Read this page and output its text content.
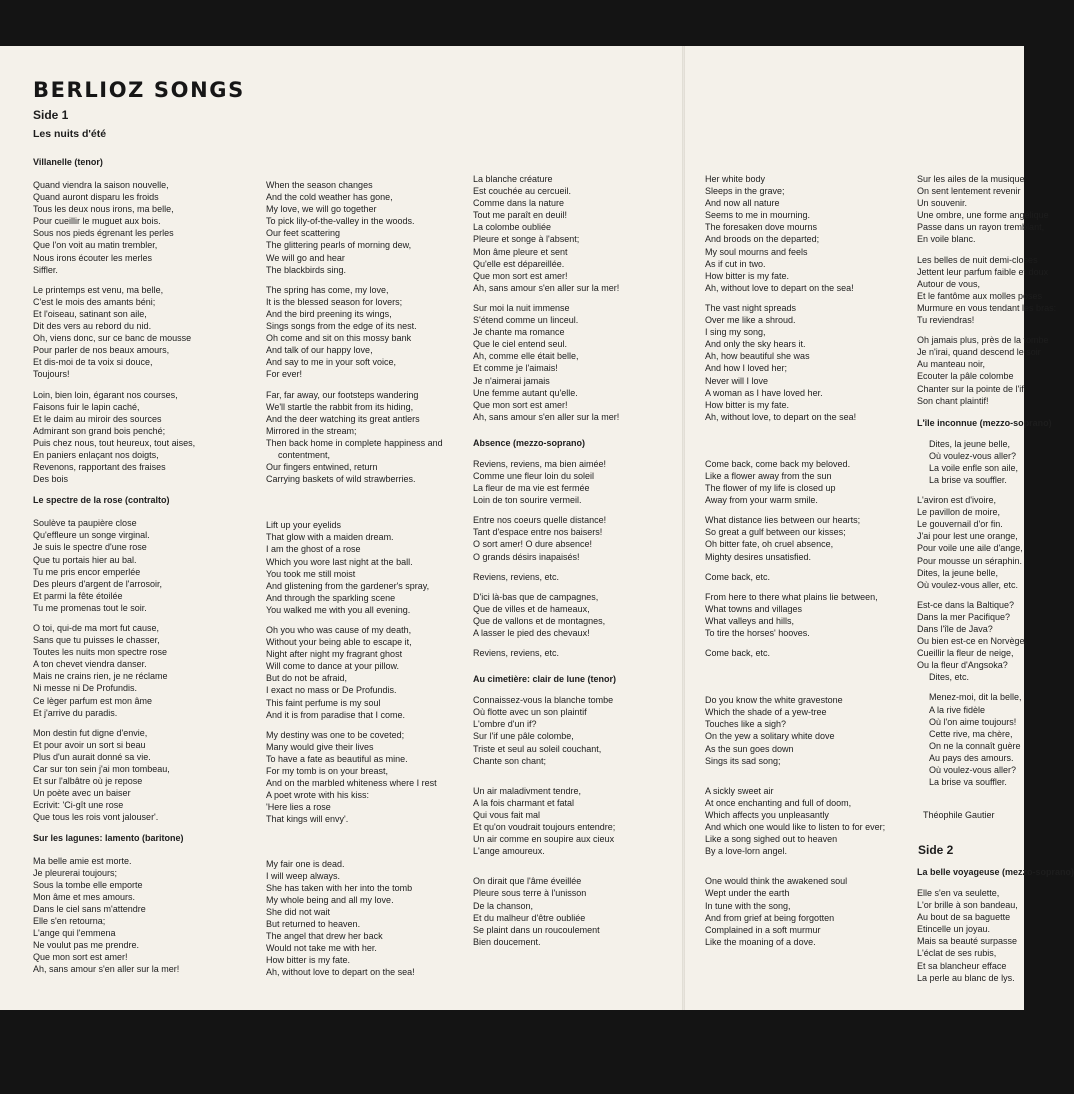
BERLIOZ SONGS
Side 1
Les nuits d'été

Villanelle (tenor)

Quand viendra la saison nouvelle,
Quand auront disparu les froids
Tous les deux nous irons, ma belle,
Pour cueillir le muguet aux bois.
Sous nos pieds égrenant les perles
Que l'on voit au matin trembler,
Nous irons écouter les merles
Siffler.

Le printemps est venu, ma belle,
C'est le mois des amants béni;
Et l'oiseau, satinant son aile,
Dit des vers au rebord du nid.
Oh, viens donc, sur ce banc de mousse
Pour parler de nos beaux amours,
Et dis-moi de ta voix si douce,
Toujours!

Loin, bien loin, égarant nos courses,
Faisons fuir le lapin caché,
Et le daim au miroir des sources
Admirant son grand bois penché;
Puis chez nous, tout heureux, tout aises,
En paniers enlaçant nos doigts,
Revenons, rapportant des fraises
Des bois

Le spectre de la rose (contralto)

Soulève ta paupière close
Qu'effleure un songe virginal.
Je suis le spectre d'une rose
Que tu portais hier au bal.
Tu me pris encor emperlée
Des pleurs d'argent de l'arrosoir,
Et parmi la fête étoilée
Tu me promenas tout le soir.

O toi, qui-de ma mort fut cause,
Sans que tu puisses le chasser,
Toutes les nuits mon spectre rose
A ton chevet viendra danser.
Mais ne crains rien, je ne réclame
Ni messe ni De Profundis.
Ce lèger parfum est mon âme
Et j'arrive du paradis.

Mon destin fut digne d'envie,
Et pour avoir un sort si beau
Plus d'un aurait donné sa vie.
Car sur ton sein j'ai mon tombeau,
Et sur l'albâtre où je repose
Un poète avec un baiser
Ecrivit: 'Ci-gît une rose
Que tous les rois vont jalouser'.

Sur les lagunes: lamento (baritone)

Ma belle amie est morte.
Je pleurerai toujours;
Sous la tombe elle emporte
Mon âme et mes amours.
Dans le ciel sans m'attendre
Elle s'en retourna;
L'ange qui l'emmena
Ne voulut pas me prendre.
Que mon sort est amer!
Ah, sans amour s'en aller sur la mer!

When the season changes
And the cold weather has gone,
My love, we will go together
To pick lily-of-the-valley in the woods.
Our feet scattering
The glittering pearls of morning dew,
We will go and hear
The blackbirds sing.

The spring has come, my love,
It is the blessed season for lovers;
And the bird preening its wings,
Sings songs from the edge of its nest.
Oh come and sit on this mossy bank
And talk of our happy love,
And say to me in your soft voice,
For ever!

Far, far away, our footsteps wandering
We'll startle the rabbit from its hiding,
And the deer watching its great antlers
Mirrored in the stream;
Then back home in complete happiness and
contentment,
Our fingers entwined, return
Carrying baskets of wild strawberries.

Lift up your eyelids
That glow with a maiden dream.
I am the ghost of a rose
Which you wore last night at the ball.
You took me still moist
And glistening from the gardener's spray,
And through the sparkling scene
You walked me with you all evening.

Oh you who was cause of my death,
Without your being able to escape it,
Night after night my fragrant ghost
Will come to dance at your pillow.
But do not be afraid,
I exact no mass or De Profundis.
This faint perfume is my soul
And it is from paradise that I come.

My destiny was one to be coveted;
Many would give their lives
To have a fate as beautiful as mine.
For my tomb is on your breast,
And on the marbled whiteness where I rest
A poet wrote with his kiss:
'Here lies a rose
That kings will envy'.

My fair one is dead.
I will weep always.
She has taken with her into the tomb
My whole being and all my love.
She did not wait
But returned to heaven.
The angel that drew her back
Would not take me with her.
How bitter is my fate.
Ah, without love to depart on the sea!

La blanche créature
Est couchée au cercueil.
Comme dans la nature
Tout me paraît en deuil!
La colombe oubliée
Pleure et songe à l'absent;
Mon âme pleure et sent
Qu'elle est dépareillée.
Que mon sort est amer!
Ah, sans amour s'en aller sur la mer!

Sur moi la nuit immense
S'étend comme un linceul.
Je chante ma romance
Que le ciel entend seul.
Ah, comme elle était belle,
Et comme je l'aimais!
Je n'aimerai jamais
Une femme autant qu'elle.
Que mon sort est amer!
Ah, sans amour s'en aller sur la mer!

Absence (mezzo-soprano)

Reviens, reviens, ma bien aimée!
Comme une fleur loin du soleil
La fleur de ma vie est fermée
Loin de ton sourire vermeil.

Entre nos coeurs quelle distance!
Tant d'espace entre nos baisers!
O sort amer! O dure absence!
O grands désirs inapaisés!

Reviens, reviens, etc.

D'ici là-bas que de campagnes,
Que de villes et de hameaux,
Que de vallons et de montagnes,
A lasser le pied des chevaux!

Reviens, reviens, etc.

Au cimetière: clair de lune (tenor)

Connaissez-vous la blanche tombe
Où flotte avec un son plaintif
L'ombre d'un if?
Sur l'if une pâle colombe,
Triste et seul au soleil couchant,
Chante son chant;

Un air maladivment tendre,
A la fois charmant et fatal
Qui vous fait mal
Et qu'on voudrait toujours entendre;
Un air comme en soupire aux cieux
L'ange amoureux.

On dirait que l'âme éveillée
Pleure sous terre à l'unisson
De la chanson,
Et du malheur d'être oubliée
Se plaint dans un roucoulement
Bien doucement.

Her white body
Sleeps in the grave;
And now all nature
Seems to me in mourning.
The foresaken dove mourns
And broods on the departed;
My soul mourns and feels
As if cut in two.
How bitter is my fate.
Ah, without love to depart on the sea!

The vast night spreads
Over me like a shroud.
I sing my song,
And only the sky hears it.
Ah, how beautiful she was
And how I loved her;
Never will I love
A woman as I have loved her.
How bitter is my fate.
Ah, without love, to depart on the sea!

Come back, come back my beloved.
Like a flower away from the sun
The flower of my life is closed up
Away from your warm smile.

What distance lies between our hearts;
So great a gulf between our kisses;
Oh bitter fate, oh cruel absence,
Mighty desires unsatisfied.

Come back, etc.

From here to there what plains lie between,
What towns and villages
What valleys and hills,
To tire the horses' hooves.

Come back, etc.

Do you know the white gravestone
Which the shade of a yew-tree
Touches like a sigh?
On the yew a solitary white dove
As the sun goes down
Sings its sad song;

A sickly sweet air
At once enchanting and full of doom,
Which affects you unpleasantly
And which one would like to listen to for ever;
Like a song sighed out to heaven
By a love-lorn angel.

One would think the awakened soul
Wept under the earth
In tune with the song,
And from grief at being forgotten
Complained in a soft murmur
Like the moaning of a dove.

Sur les ailes de la musique
On sent lentement revenir
Un souvenir.
Une ombre, une forme angélique
Passe dans un rayon tremblant,
En voile blanc.

Les belles de nuit demi-closes
Jettent leur parfum faible et doux
Autour de vous,
Et le fantôme aux molles poses
Murmure en vous tendant les bras:
Tu reviendras!

Oh jamais plus, près de la tombe
Je n'irai, quand descend le soir
Au manteau noir,
Ecouter la pâle colombe
Chanter sur la pointe de l'if
Son chant plaintif!

L'île inconnue (mezzo-soprano)

Dites, la jeune belle,
Où voulez-vous aller?
La voile enfle son aile,
La brise va souffler.

L'aviron est d'ivoire,
Le pavillon de moire,
Le gouvernail d'or fin.
J'ai pour lest une orange,
Pour voile une aile d'ange,
Pour mousse un séraphin.
Dites, la jeune belle,
Où voulez-vous aller, etc.

Est-ce dans la Baltique?
Dans la mer Pacifique?
Dans l'île de Java?
Ou bien est-ce en Norvège,
Cueillir la fleur de neige,
Ou la fleur d'Angsoka?
Dites, etc.

Menez-moi, dit la belle,
A la rive fidèle
Où l'on aime toujours!
Cette rive, ma chère,
On ne la connaît guère
Au pays des amours.
Où voulez-vous aller?
La brise va souffler.

Théophile Gautier

Side 2

La belle voyageuse (mezzo-soprano)

Elle s'en va seulette,
L'or brille à son bandeau,
Au bout de sa baguette
Etincelle un joyau.
Mais sa beauté surpasse
L'éclat de ses rubis,
Et sa blancheur efface
La perle au blanc de lys.
